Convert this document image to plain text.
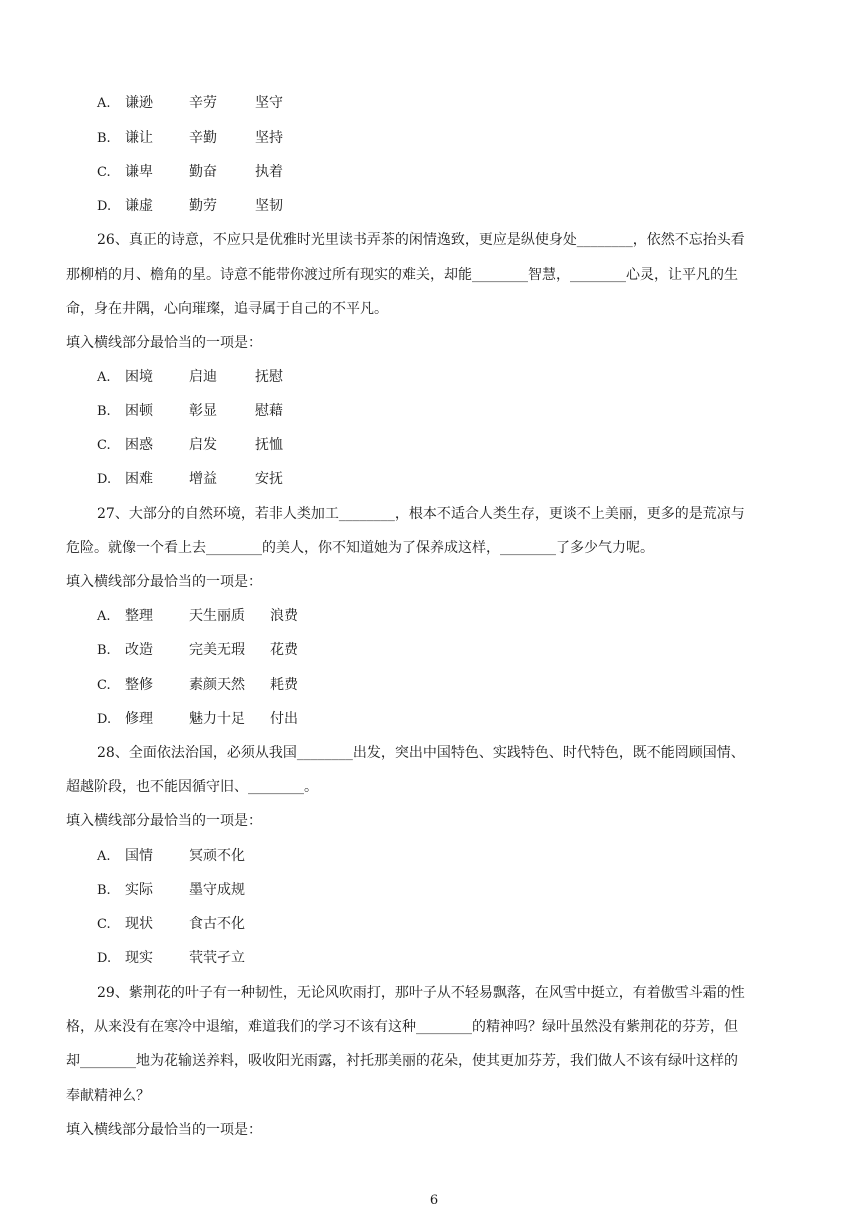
A. 谦逊	辛劳	坚守
B. 谦让	辛勤	坚持
C. 谦卑	勤奋	执着
D. 谦虚	勤劳	坚韧
26、真正的诗意，不应只是优雅时光里读书弄茶的闲情逸致，更应是纵使身处________，依然不忘抬头看
那柳梢的月、檐角的星。诗意不能带你渡过所有现实的难关，却能________智慧，________心灵，让平凡的生
命，身在井隅，心向璀璨，追寻属于自己的不平凡。
填入横线部分最恰当的一项是：
A. 困境	启迪	抚慰
B. 困顿	彰显	慰藉
C. 困惑	启发	抚恤
D. 困难	增益	安抚
27、大部分的自然环境，若非人类加工________，根本不适合人类生存，更谈不上美丽，更多的是荒凉与
危险。就像一个看上去________的美人，你不知道她为了保养成这样，________了多少气力呢。
填入横线部分最恰当的一项是：
A. 整理	天生丽质 浪费
B. 改造	完美无瑕 花费
C. 整修	素颜天然 耗费
D. 修理	魅力十足 付出
28、全面依法治国，必须从我国________出发，突出中国特色、实践特色、时代特色，既不能罔顾国情、
超越阶段，也不能因循守旧、________。
填入横线部分最恰当的一项是：
A. 国情	冥顽不化
B. 实际	墨守成规
C. 现状	食古不化
D. 现实	茕茕孑立
29、紫荆花的叶子有一种韧性，无论风吹雨打，那叶子从不轻易飘落，在风雪中挺立，有着傲雪斗霜的性
格，从来没有在寒冷中退缩，难道我们的学习不该有这种________的精神吗？绿叶虽然没有紫荆花的芬芳，但
却________地为花输送养料，吸收阳光雨露，衬托那美丽的花朵，使其更加芬芳，我们做人不该有绿叶这样的
奉献精神么？
填入横线部分最恰当的一项是：
6
